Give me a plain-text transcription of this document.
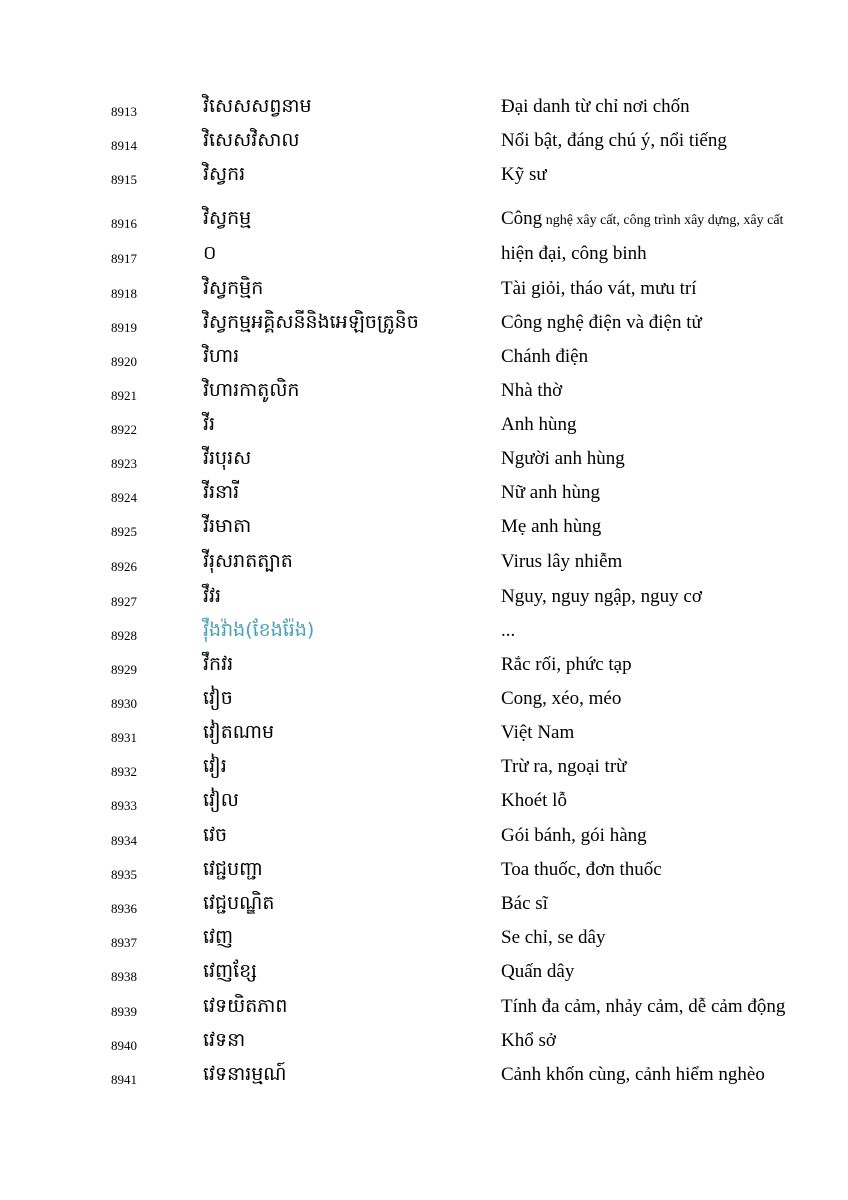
8913	វិសេសសព្វនាម	Đại danh từ chỉ nơi chốn
8914	វិសេសវិសាល	Nổi bật, đáng chú ý, nổi tiếng
8915	វិស្វករ	Kỹ sư
8916	វិស្វកម្ម	Công nghệ xây cất, công trình xây dựng, xây cất
8917	០	hiện đại, công binh
8918	វិស្វកម្មិក	Tài giỏi, tháo vát, mưu trí
8919	វិស្វកម្មអគ្គិសនីនិងអេឡិចត្រូនិច	Công nghệ điện và điện tử
8920	វិហារ	Chánh điện
8921	វិហារកាតូលិក	Nhà thờ
8922	វីរ	Anh hùng
8923	វីរបុរស	Người anh hùng
8924	វីរនារី	Nữ anh hùng
8925	វីរមាតា	Mẹ anh hùng
8926	វីរុសរាតត្បាត	Virus lây nhiễm
8927	វឹវរ	Nguy, nguy ngập, nguy cơ
8928	វ៉ឹងវ៉ាង(ខែងរ៉ែង)	...
8929	វឹកវរ	Rắc rối, phức tạp
8930	វៀច	Cong, xéo, méo
8931	វៀតណាម	Việt Nam
8932	វៀរ	Trừ ra, ngoại trừ
8933	វៀល	Khoét lỗ
8934	វេច	Gói bánh, gói hàng
8935	វេជ្ជបញ្ជា	Toa thuốc, đơn thuốc
8936	វេជ្ជបណ្ឌិត	Bác sĩ
8937	វេញ	Se chỉ, se dây
8938	វេញខ្សែ	Quấn dây
8939	វេទយិតភាព	Tính đa cảm, nhảy cảm, dễ cảm động
8940	វេទនា	Khổ sở
8941	វេទនារម្មណ៍	Cảnh khốn cùng, cảnh hiểm nghèo
